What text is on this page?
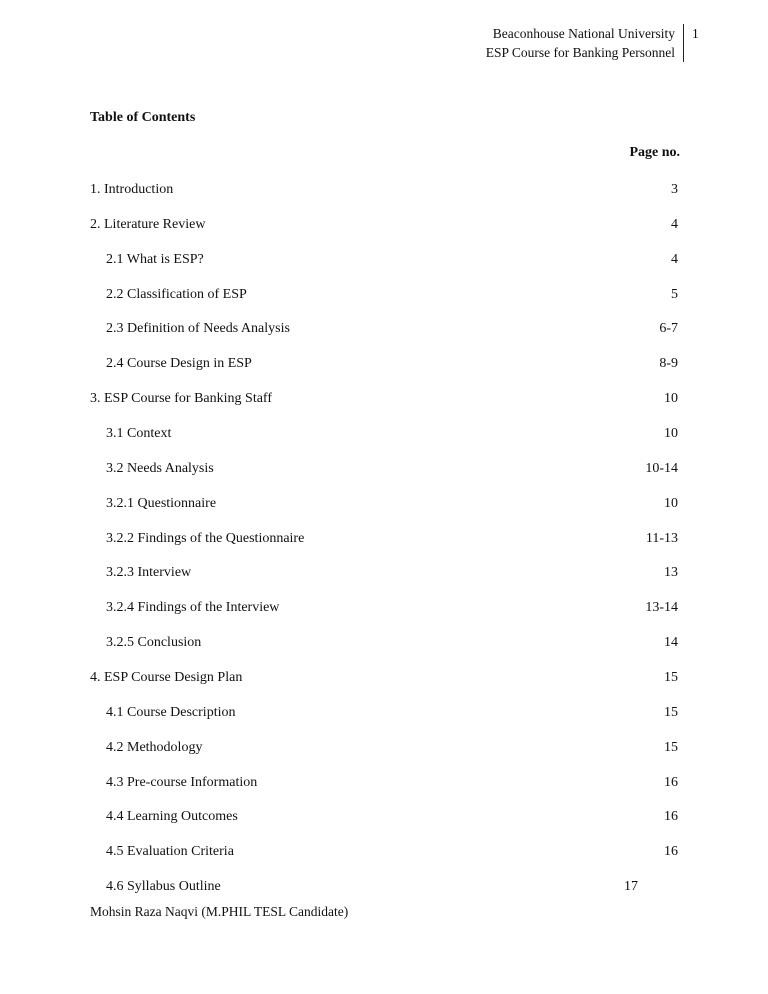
Beaconhouse National University
ESP Course for Banking Personnel
1
Table of Contents
Page no.
1. Introduction	3
2. Literature Review	4
2.1 What is ESP?	4
2.2 Classification of ESP	5
2.3 Definition of Needs Analysis	6-7
2.4 Course Design in ESP	8-9
3. ESP Course for Banking Staff	10
3.1 Context	10
3.2 Needs Analysis	10-14
3.2.1 Questionnaire	10
3.2.2 Findings of the Questionnaire	11-13
3.2.3 Interview	13
3.2.4 Findings of the Interview	13-14
3.2.5 Conclusion	14
4. ESP Course Design Plan	15
4.1 Course Description	15
4.2 Methodology	15
4.3 Pre-course Information	16
4.4 Learning Outcomes	16
4.5 Evaluation Criteria	16
4.6 Syllabus Outline	17
Mohsin Raza Naqvi (M.PHIL TESL Candidate)
